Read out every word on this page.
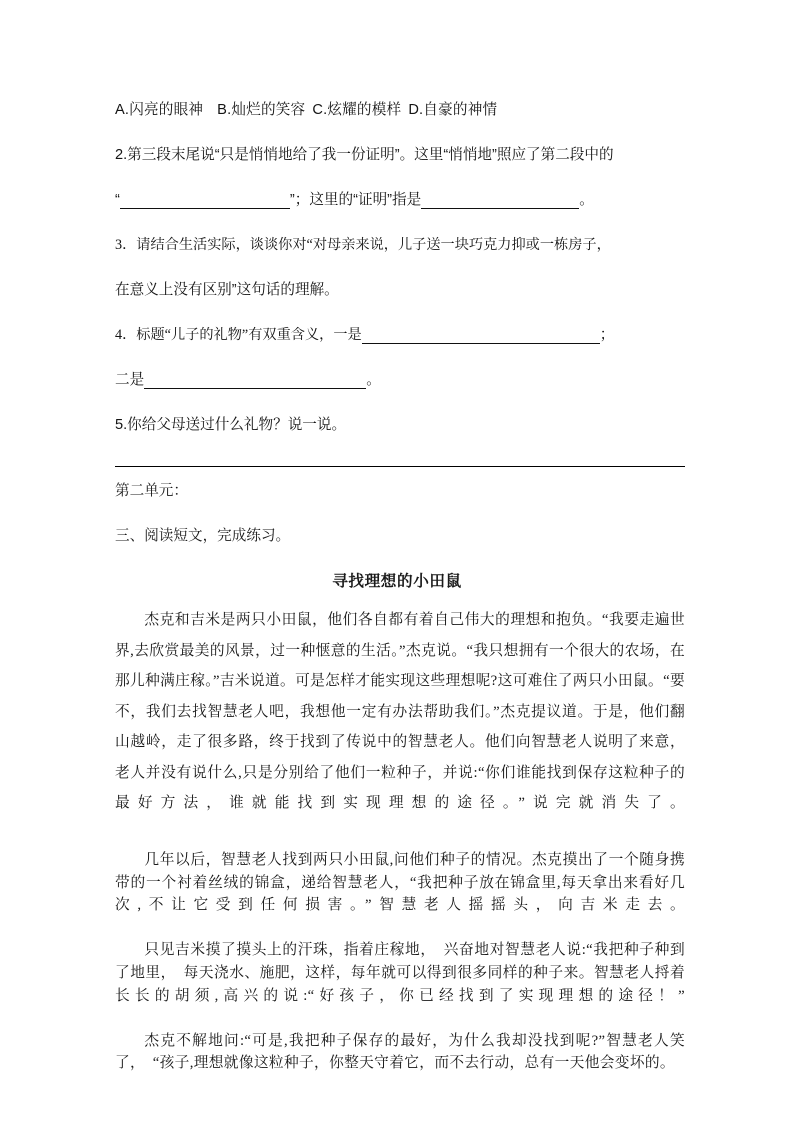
A.闪亮的眼神 B.灿烂的笑容 C.炫耀的模样 D.自豪的神情
2.第三段末尾说“只是悄悄地给了我一份证明”。这里“悄悄地”照应了第二段中的
“	”；这里的“证明”指是	。
3．请结合生活实际，谈谈你对“对母亲来说，儿子送一块巧克力抑或一栋房子，
在意义上没有区别”这句话的理解。
4．标题“儿子的礼物”有双重含义，一是	；
二是	。
5.你给父母送过什么礼物？说一说。
第二单元：
三、阅读短文，完成练习。
寻找理想的小田鼠

杰克和吉米是两只小田鼠，他们各自都有着自己伟大的理想和抱负。“我要走遍世界,去欣赏最美的风景，过一种惬意的生活。”杰克说。“我只想拥有一个很大的农场，在那儿种满庄稼。”吉米说道。可是怎样才能实现这些理想呢?这可难住了两只小田鼠。“要不，我们去找智慧老人吧，我想他一定有办法帮助我们。”杰克提议道。于是，他们翻山越岭，走了很多路，终于找到了传说中的智慧老人。他们向智慧老人说明了来意，老人并没有说什么,只是分别给了他们一粒种子，并说:“你们谁能找到保存这粒种子的最好方法，谁就能找到实现理想的途径。”说完就消失了。

几年以后，智慧老人找到两只小田鼠,问他们种子的情况。杰克摸出了一个随身携带的一个衬着丝绒的锦盒，递给智慧老人，“我把种子放在锦盒里,每天拿出来看好几次,不让它受到任何损害。”智慧老人摇摇头，向吉米走去。

只见吉米摸了摸头上的汗珠，指着庄稼地，　兴奋地对智慧老人说:“我把种子种到了地里，　每天浇水、施肥，这样，每年就可以得到很多同样的种子来。智慧老人捋着长长的胡须,高兴的说:“好孩子，你已经找到了实现理想的途径！”

杰克不解地问:“可是,我把种子保存的最好，为什么我却没找到呢?”智慧老人笑了，　“孩子,理想就像这粒种子，你整天守着它，而不去行动，总有一天他会变坏的。
